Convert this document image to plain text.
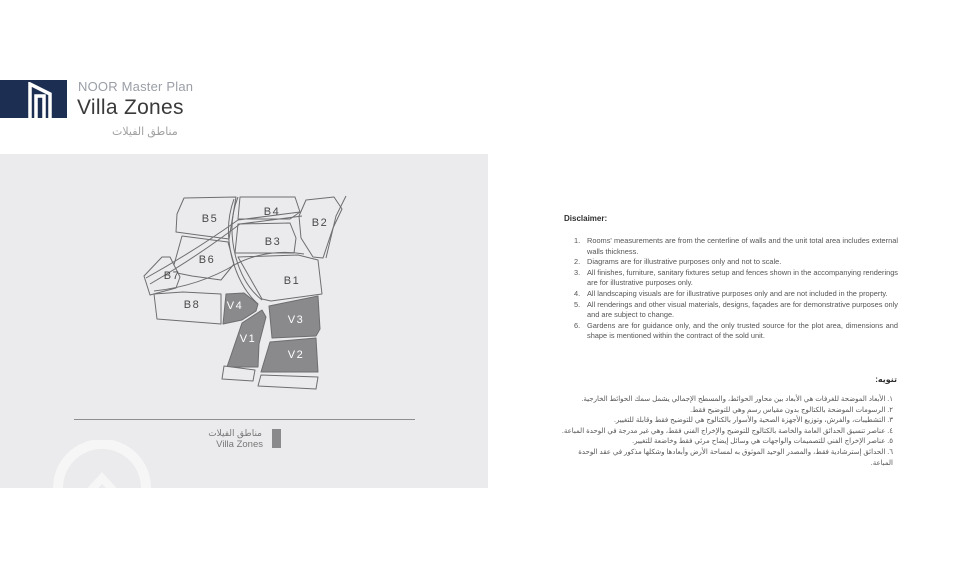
NOOR Master Plan
Villa Zones
مناطق الفيلات
B5
B4
B2
B3
B6
B1
B7
B8 V4
V3
V1
V2
مناطق الفيلات
Villa Zones
Disclaimer:
1. Rooms' measurements are from the centerline of walls and the unit total area includes external walls thickness.
2. Diagrams are for illustrative purposes only and not to scale.
3. All finishes, furniture, sanitary fixtures setup and fences shown in the accompanying renderings are for illustrative purposes only.
4. All landscaping visuals are for illustrative purposes only and are not included in the property.
5. All renderings and other visual materials, designs, façades are for demonstrative purposes only and are subject to change.
6. Gardens are for guidance only, and the only trusted source for the plot area, dimensions and shape is mentioned within the contract of the sold unit.
تنويه:
١. الأبعاد الموضحة للغرفات هي الأبعاد بين محاور الحوائط، والمسطح الإجمالي يشمل سمك الحوائط الخارجية.
٢. الرسومات الموضحة بالكتالوج بدون مقياس رسم وهي للتوضيح فقط.
٣. التشطيبات، والفرش، وتوزيع الأجهزة الصحية والأسوار بالكتالوج هي للتوضيح فقط وقابلة للتغيير.
٤. عناصر تنسيق الحدائق العامة والخاصة بالكتالوج للتوضيح والإخراج الفني فقط، وهي غير مدرجة في الوحدة المباعة.
٥. عناصر الإخراج الفني للتصميمات والواجهات هي وسائل إيضاح مرئي فقط وخاضعة للتغيير.
٦. الحدائق إسترشادية فقط، والمصدر الوحيد الموثوق به لمساحة الأرض وأبعادها وشكلها مذكور في عقد الوحدة المباعة.
